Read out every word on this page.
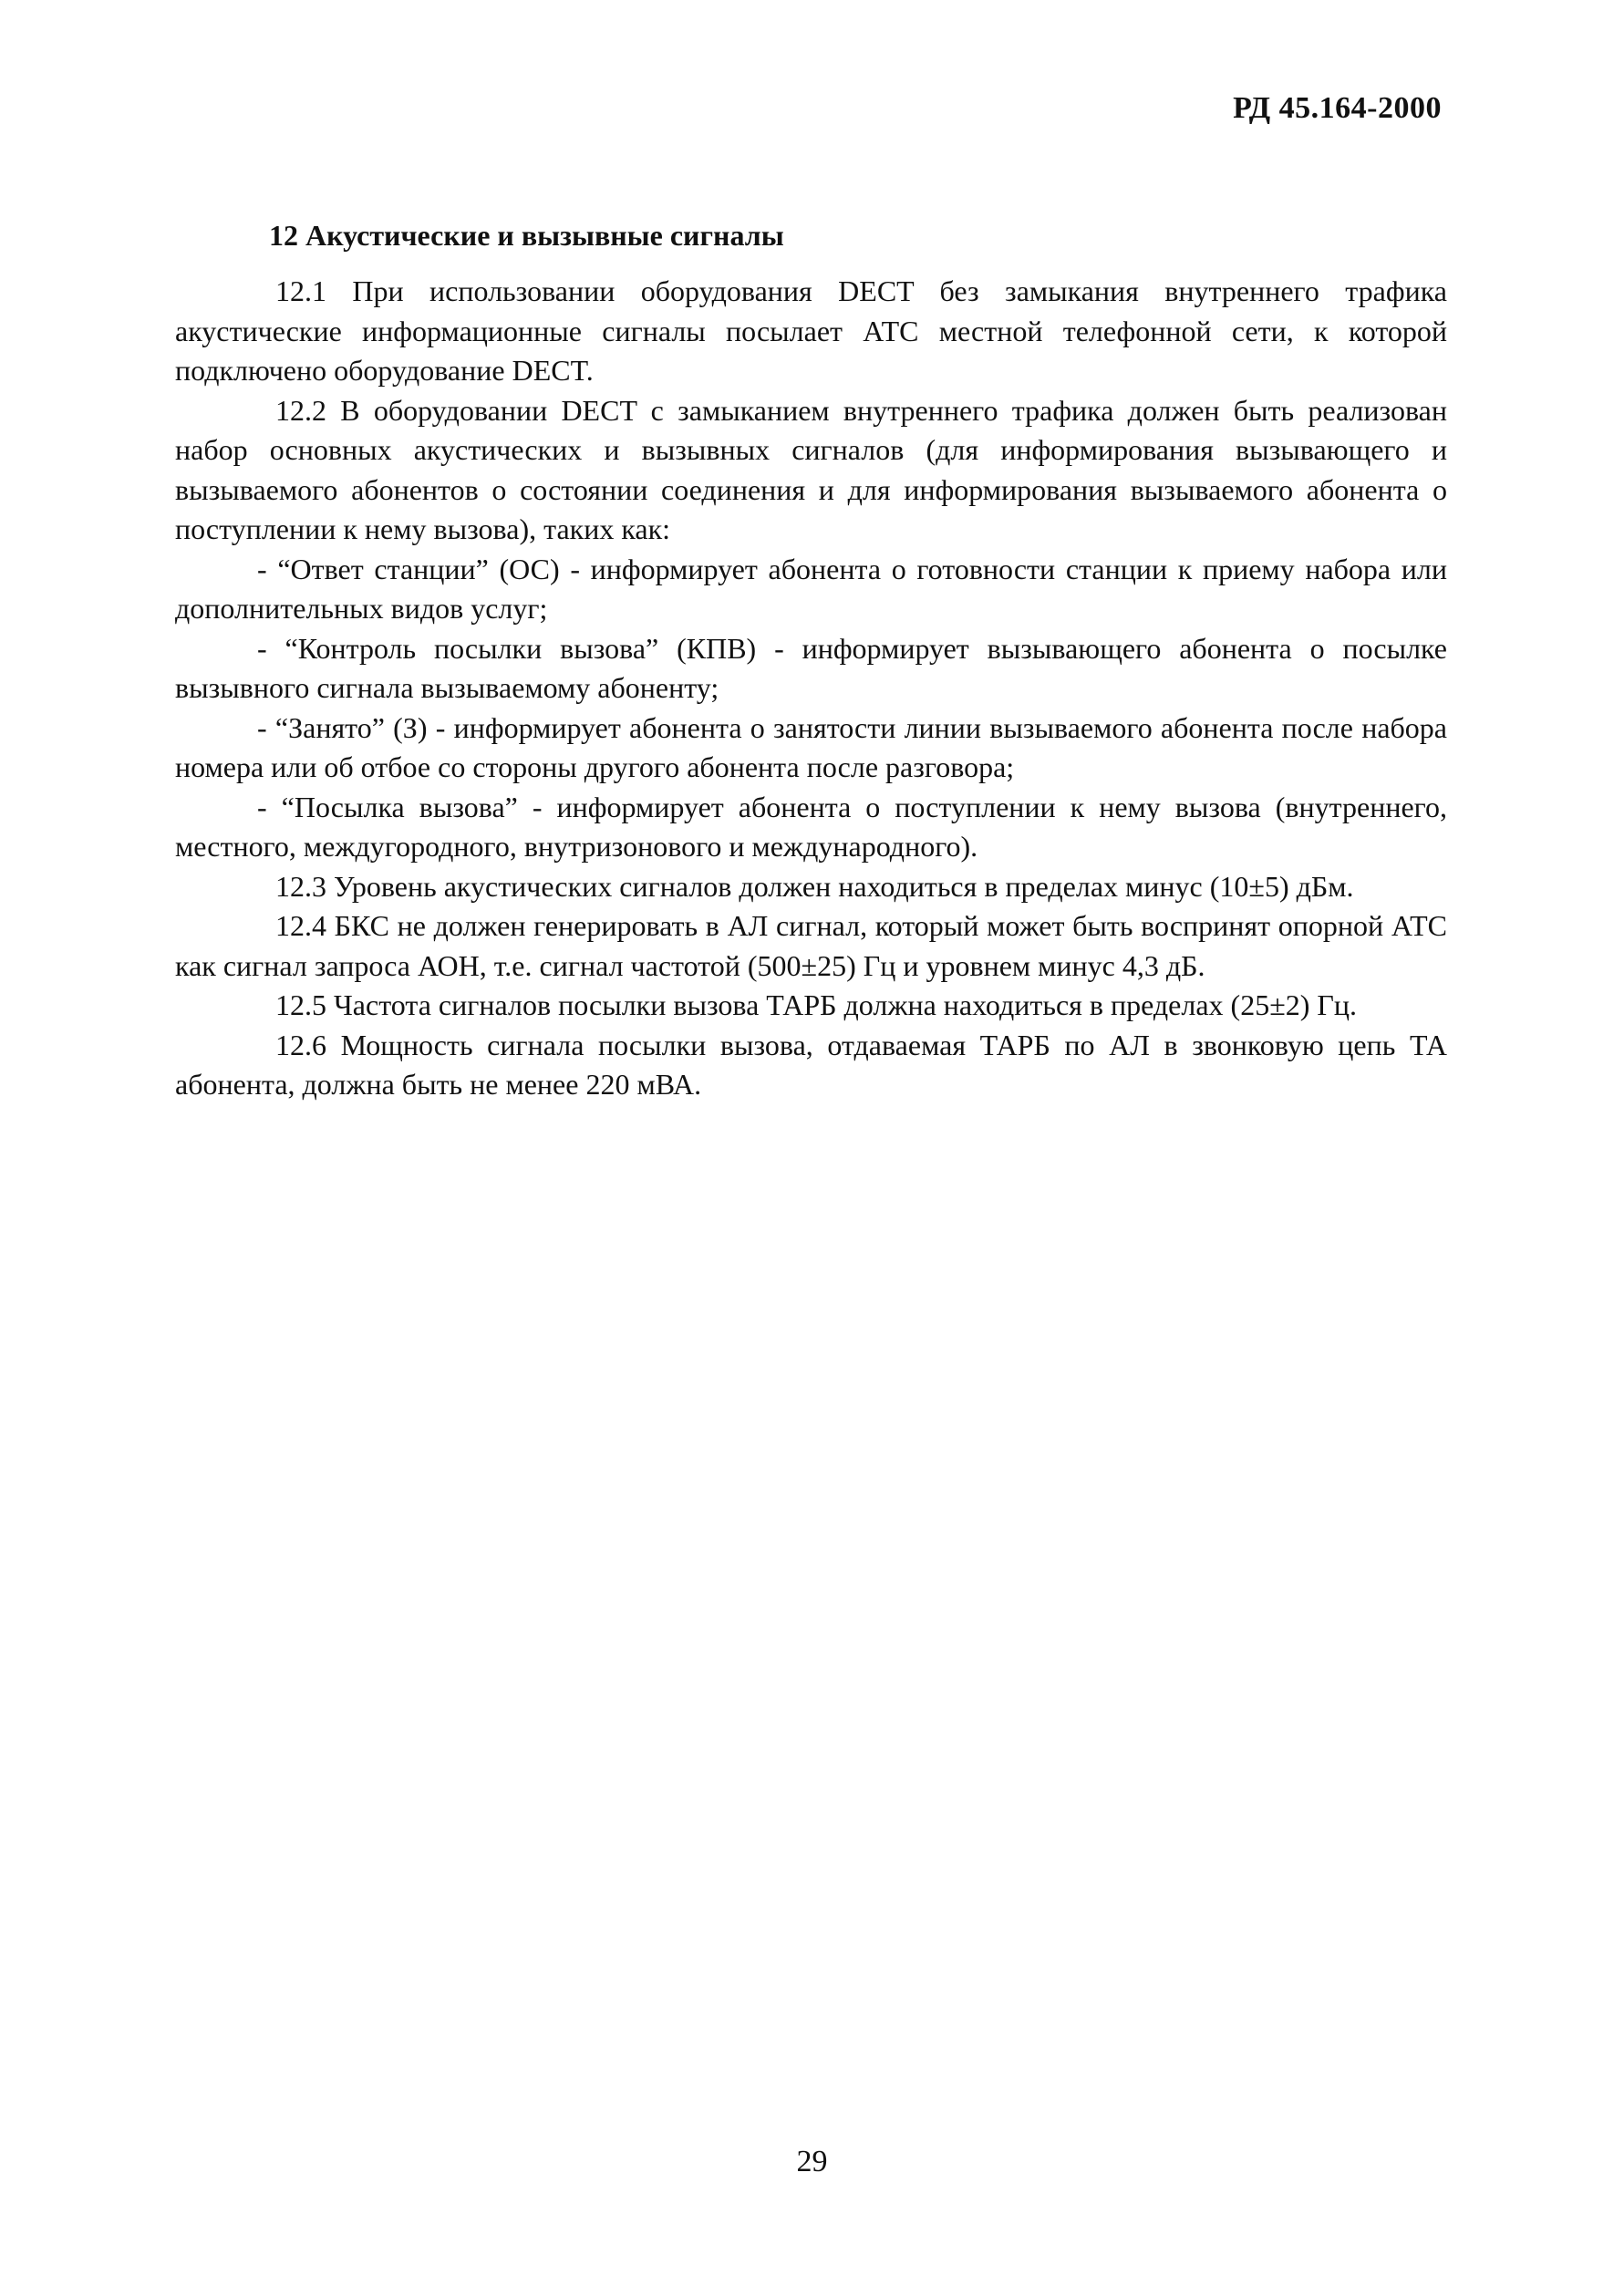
РД 45.164-2000
12 Акустические и вызывные сигналы

12.1 При использовании оборудования DECT без замыкания внутреннего трафика акустические информационные сигналы посылает АТС местной телефонной сети, к которой подключено оборудование DECT.

12.2 В оборудовании DECT с замыканием внутреннего трафика должен быть реализован набор основных акустических и вызывных сигналов (для информирования вызывающего и вызываемого абонентов о состоянии соединения и для информирования вызываемого абонента о поступлении к нему вызова), таких как:

- “Ответ станции” (ОС) - информирует абонента о готовности станции к приему набора или дополнительных видов услуг;

- “Контроль посылки вызова” (КПВ) - информирует вызывающего абонента о посылке вызывного сигнала вызываемому абоненту;

- “Занято” (З) - информирует абонента о занятости линии вызываемого абонента после набора номера или об отбое со стороны другого абонента после разговора;

- “Посылка вызова” - информирует абонента о поступлении к нему вызова (внутреннего, местного, междугородного, внутризонового и международного).

12.3 Уровень акустических сигналов должен находиться в пределах минус (10±5) дБм.

12.4 БКС не должен генерировать в АЛ сигнал, который может быть воспринят опорной АТС как сигнал запроса АОН, т.е. сигнал частотой (500±25) Гц и уровнем минус 4,3 дБ.

12.5 Частота сигналов посылки вызова ТАРБ должна находиться в пределах (25±2) Гц.

12.6 Мощность сигнала посылки вызова, отдаваемая ТАРБ по АЛ в звонковую цепь ТА абонента, должна быть не менее 220 мВА.

29
